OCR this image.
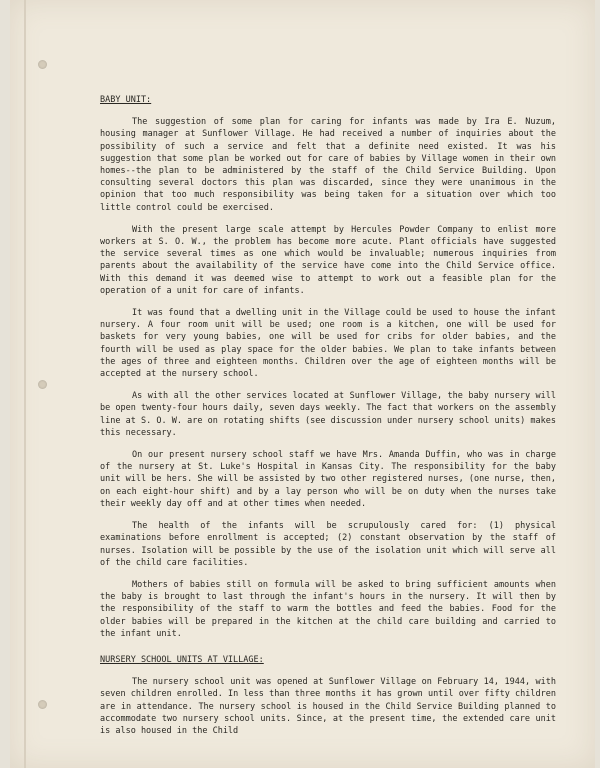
BABY UNIT:

The suggestion of some plan for caring for infants was made by Ira E. Nuzum, housing manager at Sunflower Village. He had received a number of inquiries about the possibility of such a service and felt that a definite need existed. It was his suggestion that some plan be worked out for care of babies by Village women in their own homes--the plan to be administered by the staff of the Child Service Building. Upon consulting several doctors this plan was discarded, since they were unanimous in the opinion that too much responsibility was being taken for a situation over which too little control could be exercised.

With the present large scale attempt by Hercules Powder Company to enlist more workers at S. O. W., the problem has become more acute. Plant officials have suggested the service several times as one which would be invaluable; numerous inquiries from parents about the availability of the service have come into the Child Service office. With this demand it was deemed wise to attempt to work out a feasible plan for the operation of a unit for care of infants.

It was found that a dwelling unit in the Village could be used to house the infant nursery. A four room unit will be used; one room is a kitchen, one will be used for baskets for very young babies, one will be used for cribs for older babies, and the fourth will be used as play space for the older babies. We plan to take infants between the ages of three and eighteen months. Children over the age of eighteen months will be accepted at the nursery school.

As with all the other services located at Sunflower Village, the baby nursery will be open twenty-four hours daily, seven days weekly. The fact that workers on the assembly line at S. O. W. are on rotating shifts (see discussion under nursery school units) makes this necessary.

On our present nursery school staff we have Mrs. Amanda Duffin, who was in charge of the nursery at St. Luke's Hospital in Kansas City. The responsibility for the baby unit will be hers. She will be assisted by two other registered nurses, (one nurse, then, on each eight-hour shift) and by a lay person who will be on duty when the nurses take their weekly day off and at other times when needed.

The health of the infants will be scrupulously cared for: (1) physical examinations before enrollment is accepted; (2) constant observation by the staff of nurses. Isolation will be possible by the use of the isolation unit which will serve all of the child care facilities.

Mothers of babies still on formula will be asked to bring sufficient amounts when the baby is brought to last through the infant's hours in the nursery. It will then by the responsibility of the staff to warm the bottles and feed the babies. Food for the older babies will be prepared in the kitchen at the child care building and carried to the infant unit.

NURSERY SCHOOL UNITS AT VILLAGE:

The nursery school unit was opened at Sunflower Village on February 14, 1944, with seven children enrolled. In less than three months it has grown until over fifty children are in attendance. The nursery school is housed in the Child Service Building planned to accommodate two nursery school units. Since, at the present time, the extended care unit is also housed in the Child
